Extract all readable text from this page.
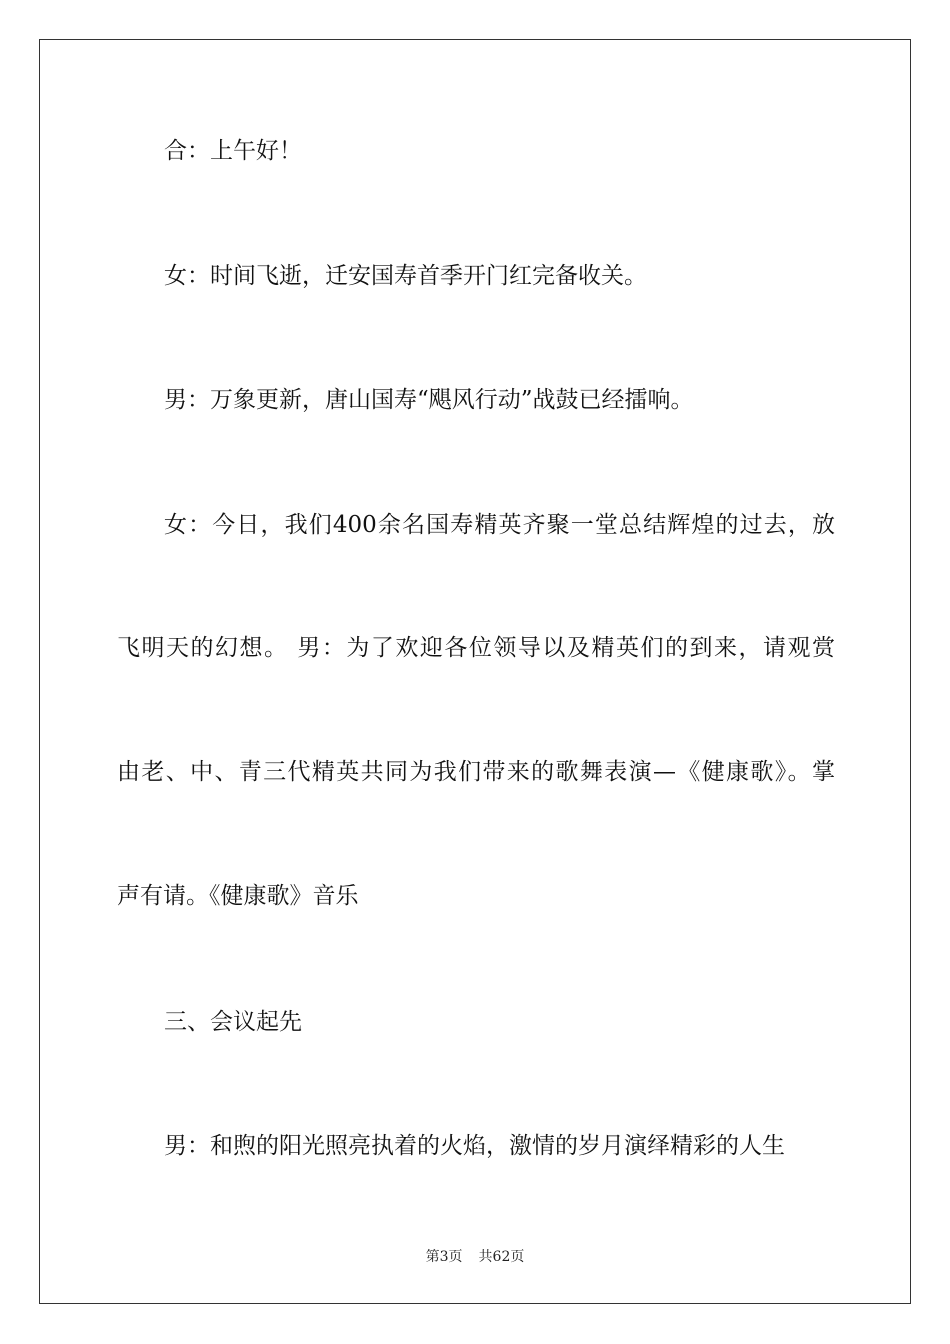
合：上午好！
女：时间飞逝，迁安国寿首季开门红完备收关。
男：万象更新，唐山国寿“飓风行动”战鼓已经擂响。
女：今日，我们400余名国寿精英齐聚一堂总结辉煌的过去，放
飞明天的幻想。 男：为了欢迎各位领导以及精英们的到来，请观赏
由老、中、青三代精英共同为我们带来的歌舞表演—《健康歌》。掌
声有请。《健康歌》音乐
三、会议起先
男：和煦的阳光照亮执着的火焰，激情的岁月演绎精彩的人生
第3页 共62页
